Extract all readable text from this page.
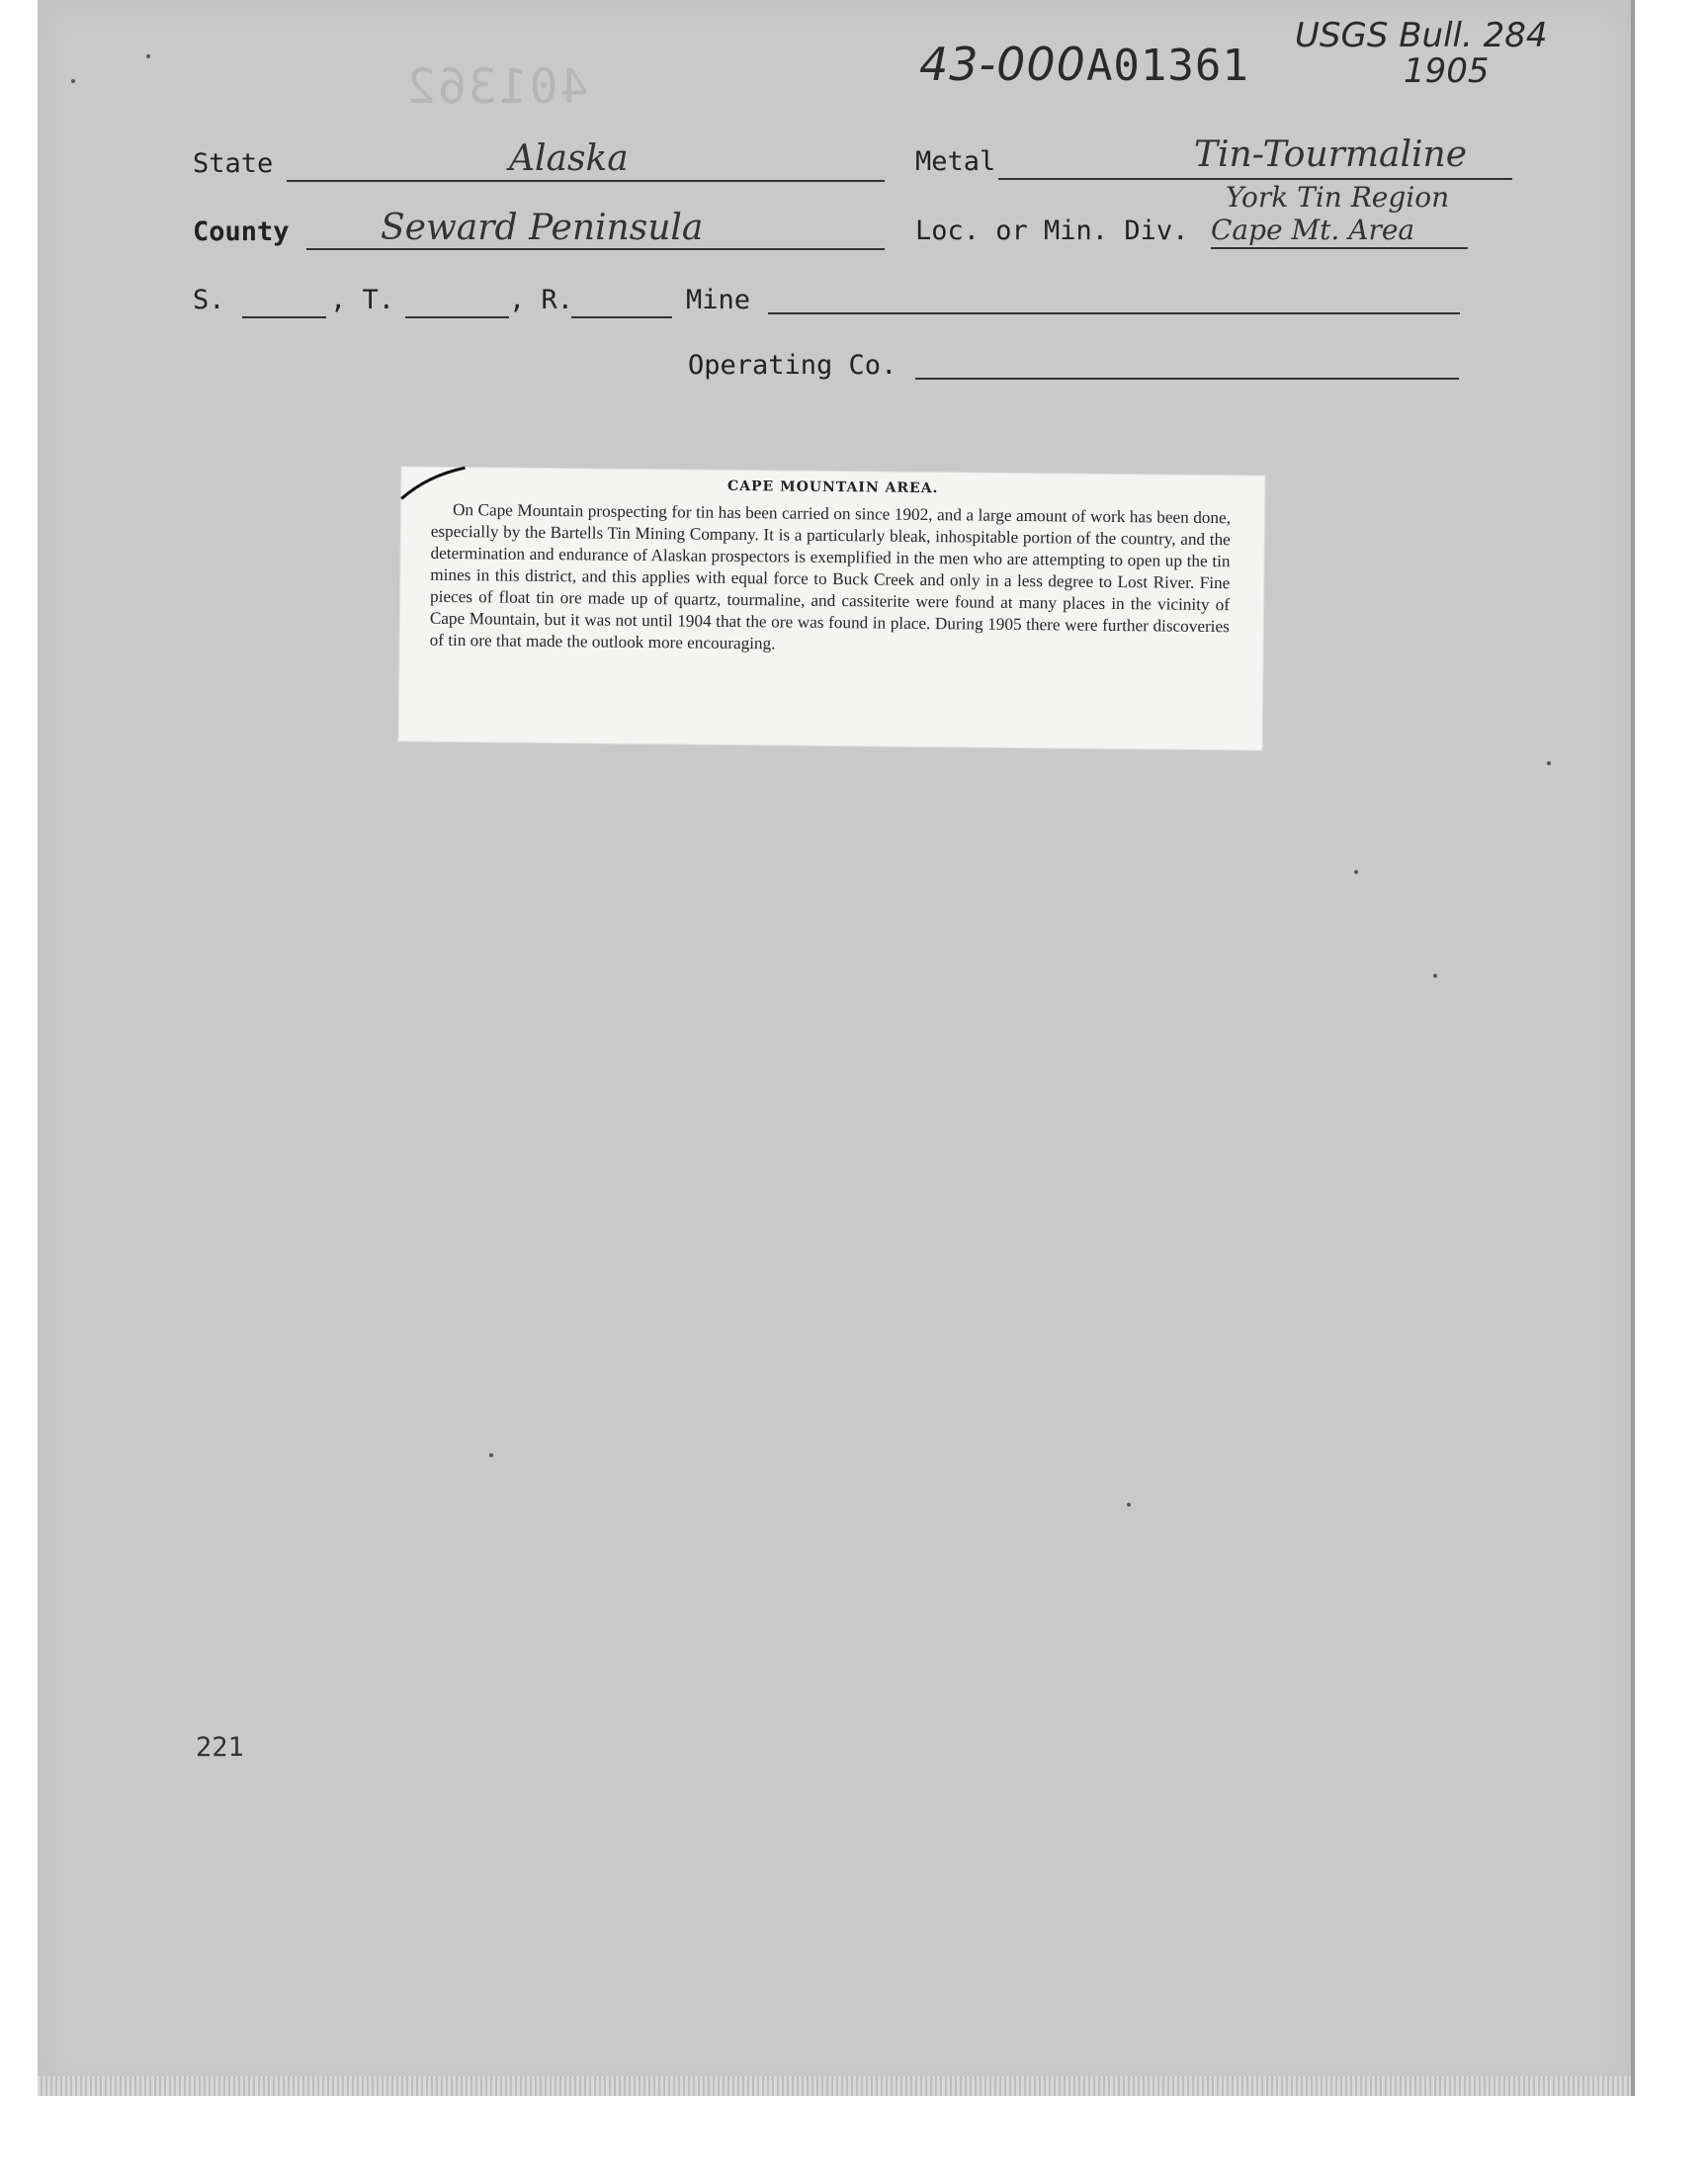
401362	43-000A01361
USGS Bull. 284
1905
State	Alaska	Metal	Tin-Tourmaline
County	Seward Peninsula	Loc. or Min. Div.
York Tin Region
Cape Mt. Area
S.	, T.	, R.	Mine
Operating Co.
CAPE MOUNTAIN AREA.
On Cape Mountain prospecting for tin has been carried on since 1902, and a large amount of work has been done, especially by the Bartells Tin Mining Company. It is a particularly bleak, inhospitable portion of the country, and the determination and endurance of Alaskan prospectors is exemplified in the men who are attempting to open up the tin mines in this district, and this applies with equal force to Buck Creek and only in a less degree to Lost River. Fine pieces of float tin ore made up of quartz, tourmaline, and cassiterite were found at many places in the vicinity of Cape Mountain, but it was not until 1904 that the ore was found in place. During 1905 there were further discoveries of tin ore that made the outlook more encouraging.
221
